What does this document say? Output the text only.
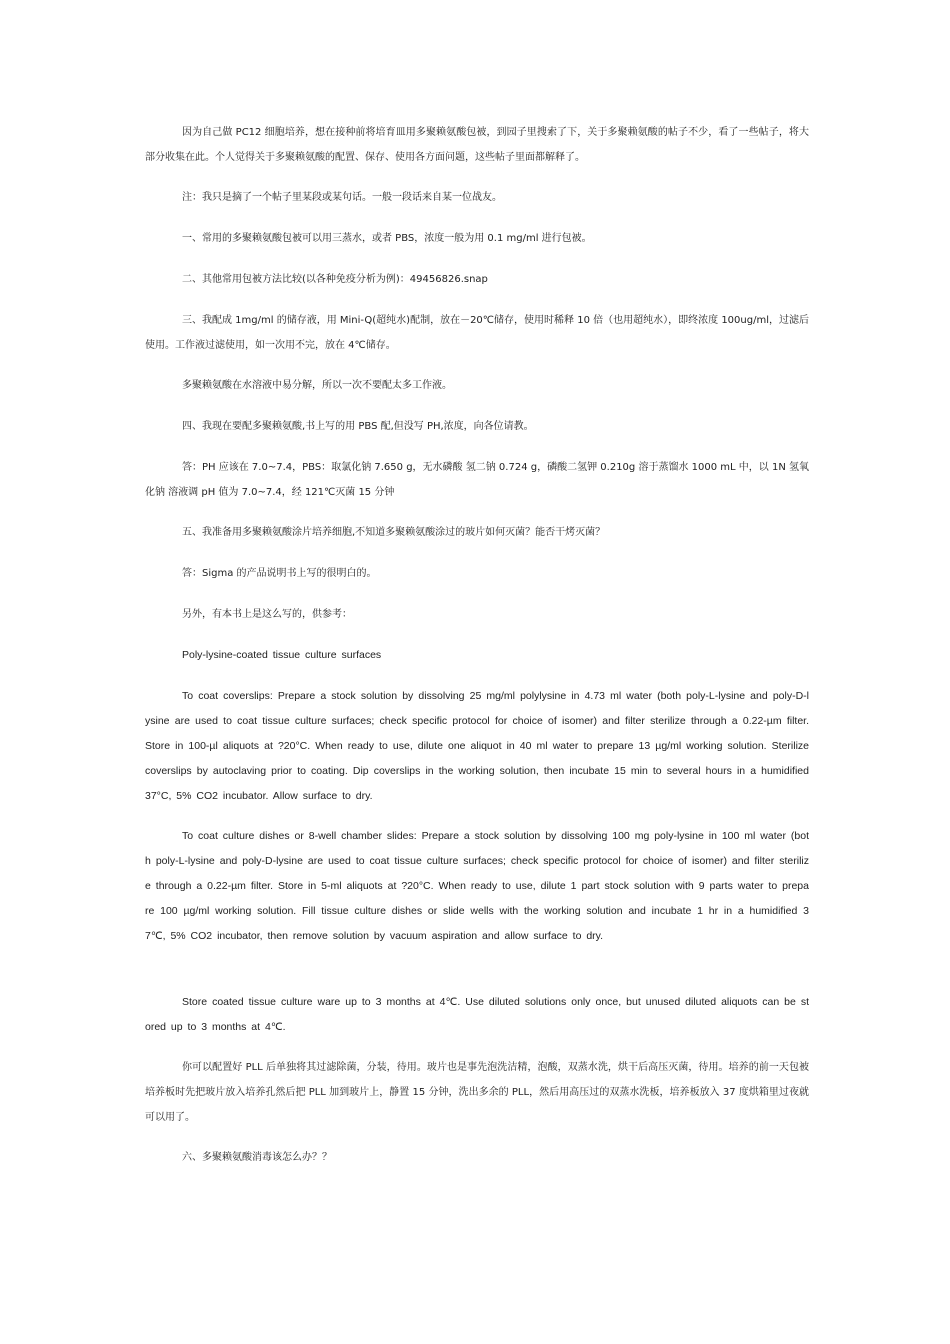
因为自己做 PC12 细胞培养，想在接种前将培育皿用多聚赖氨酸包被，到园子里搜索了下，关于多聚赖氨酸的帖子不少，看了一些帖子，将大部分收集在此。个人觉得关于多聚赖氨酸的配置、保存、使用各方面问题，这些帖子里面都解释了。

注：我只是摘了一个帖子里某段或某句话。一般一段话来自某一位战友。

一、常用的多聚赖氨酸包被可以用三蒸水，或者 PBS，浓度一般为用 0.1 mg/ml 进行包被。

二、其他常用包被方法比较(以各种免疫分析为例)：49456826.snap

三、我配成 1mg/ml 的储存液，用 Mini-Q(超纯水)配制，放在－20℃储存，使用时稀释 10 倍（也用超纯水），即终浓度 100ug/ml，过滤后使用。工作液过滤使用，如一次用不完，放在 4℃储存。

多聚赖氨酸在水溶液中易分解，所以一次不要配太多工作液。

四、我现在要配多聚赖氨酸,书上写的用 PBS 配,但没写 PH,浓度，向各位请教。

答：PH 应该在 7.0~7.4，PBS：取氯化钠 7.650 g，无水磷酸 氢二钠 0.724 g，磷酸二氢钾 0.210g 溶于蒸馏水 1000 mL 中，以 1N 氢氧化钠 溶液调 pH 值为 7.0~7.4，经 121℃灭菌 15 分钟

五、我准备用多聚赖氨酸涂片培养细胞,不知道多聚赖氨酸涂过的玻片如何灭菌？能否干烤灭菌？

答：Sigma 的产品说明书上写的很明白的。

另外，有本书上是这么写的，供参考：

Poly-lysine-coated tissue culture surfaces

To coat coverslips: Prepare a stock solution by dissolving 25 mg/ml polylysine in 4.73 ml water (both poly-L-lysine and poly-D-lysine are used to coat tissue culture surfaces; check specific protocol for choice of isomer) and filter sterilize through a 0.22-µm filter. Store in 100-µl aliquots at ?20°C. When ready to use, dilute one aliquot in 40 ml water to prepare 13 µg/ml working solution. Sterilize coverslips by autoclaving prior to coating. Dip coverslips in the working solution, then incubate 15 min to several hours in a humidified 37°C, 5% CO2 incubator. Allow surface to dry.

To coat culture dishes or 8-well chamber slides: Prepare a stock solution by dissolving 100 mg poly-lysine in 100 ml water (both poly-L-lysine and poly-D-lysine are used to coat tissue culture surfaces; check specific protocol for choice of isomer) and filter sterilize through a 0.22-µm filter. Store in 5-ml aliquots at ?20°C. When ready to use, dilute 1 part stock solution with 9 parts water to prepare 100 µg/ml working solution. Fill tissue culture dishes or slide wells with the working solution and incubate 1 hr in a humidified 37℃, 5% CO2 incubator, then remove solution by vacuum aspiration and allow surface to dry.

Store coated tissue culture ware up to 3 months at 4℃. Use diluted solutions only once, but unused diluted aliquots can be stored up to 3 months at 4℃.

你可以配置好 PLL 后单独将其过滤除菌，分装，待用。玻片也是事先泡洗洁精，泡酸，双蒸水洗，烘干后高压灭菌，待用。培养的前一天包被培养板时先把玻片放入培养孔然后把 PLL 加到玻片上，静置 15 分钟，洗出多余的 PLL，然后用高压过的双蒸水洗板，培养板放入 37 度烘箱里过夜就可以用了。

六、多聚赖氨酸消毒该怎么办？？
